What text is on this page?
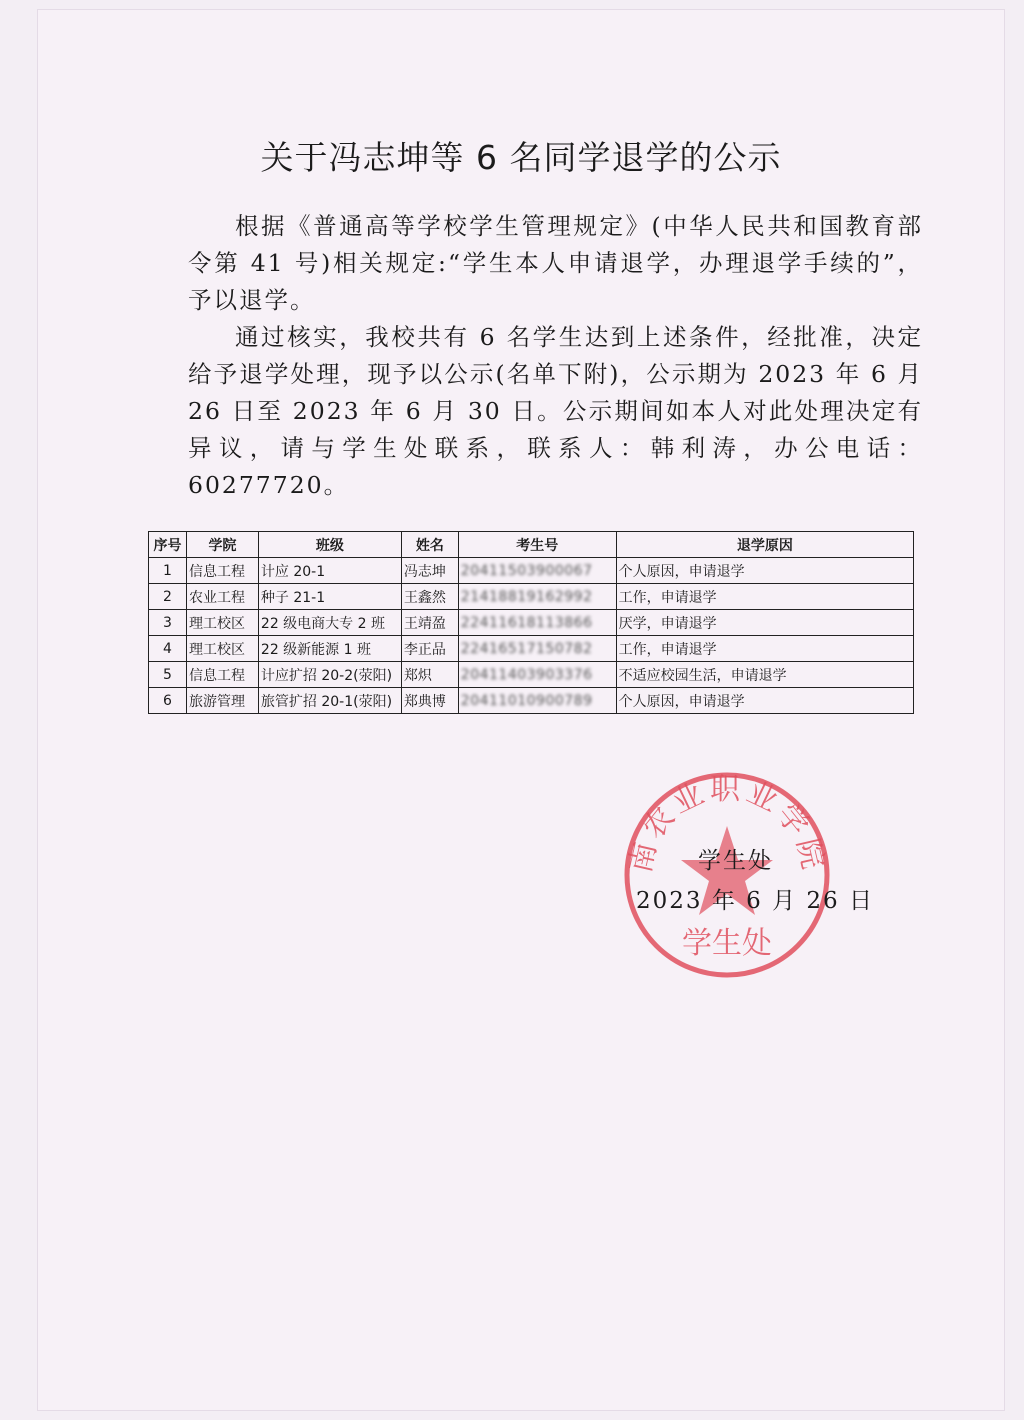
关于冯志坤等 6 名同学退学的公示

根据《普通高等学校学生管理规定》(中华人民共和国教育部令第 41 号)相关规定:“学生本人申请退学，办理退学手续的”，予以退学。

通过核实，我校共有 6 名学生达到上述条件，经批准，决定给予退学处理，现予以公示(名单下附)，公示期为 2023 年 6 月 26 日至 2023 年 6 月 30 日。公示期间如本人对此处理决定有异议，请与学生处联系，联系人：韩利涛，办公电话：60277720。

序号	学院	班级	姓名	考生号	退学原因
1	信息工程	计应 20-1	冯志坤	20411503900067	个人原因，申请退学
2	农业工程	种子 21-1	王鑫然	21418819162992	工作，申请退学
3	理工校区	22 级电商大专 2 班	王靖盈	22411618113866	厌学，申请退学
4	理工校区	22 级新能源 1 班	李正品	22416517150782	工作，申请退学
5	信息工程	计应扩招 20-2(荥阳)	郑炽	20411403903376	不适应校园生活，申请退学
6	旅游管理	旅管扩招 20-1(荥阳)	郑典博	20411010900789	个人原因，申请退学
南农业职业学院
学生处
学生处
2023 年 6 月 26 日
